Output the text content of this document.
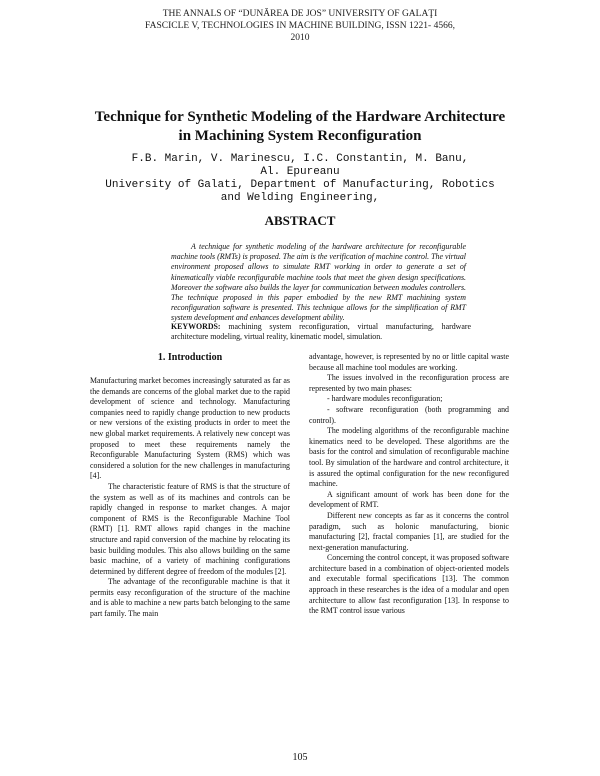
THE ANNALS OF “DUNĂREA DE JOS” UNIVERSITY OF GALAŢI
FASCICLE V, TECHNOLOGIES IN MACHINE BUILDING, ISSN 1221- 4566,
2010
Technique for Synthetic Modeling of the Hardware Architecture
in Machining System Reconfiguration
F.B. Marin, V. Marinescu, I.C. Constantin, M. Banu,
Al. Epureanu
University of Galati, Department of Manufacturing, Robotics
and Welding Engineering,
ABSTRACT
A technique for synthetic modeling of the hardware architecture for reconfigurable machine tools (RMTs) is proposed. The aim is the verification of machine control. The virtual environment proposed allows to simulate RMT working in order to generate a set of kinematically viable reconfigurable machine tools that meet the given design specifications. Moreover the software also builds the layer for communication between modules controllers. The technique proposed in this paper embodied by the new RMT machining system reconfiguration software is presented. This technique allows for the simplification of RMT system development and enhances development ability.
KEYWORDS: machining system reconfiguration, virtual manufacturing, hardware architecture modeling, virtual reality, kinematic model, simulation.
1. Introduction

Manufacturing market becomes increasingly saturated as far as the demands are concerns of the global market due to the rapid development of science and technology. Manufacturing companies need to rapidly change production to new products or new versions of the existing products in order to meet the new global market requirements. A relatively new concept was proposed to meet these requirements namely the Reconfigurable Manufacturing System (RMS) which was considered a solution for the new challenges in manufacturing [4].

The characteristic feature of RMS is that the structure of the system as well as of its machines and controls can be rapidly changed in response to market changes. A major component of RMS is the Reconfigurable Machine Tool (RMT) [1]. RMT allows rapid changes in the machine structure and rapid conversion of the machine by relocating its basic building modules. This also allows building on the same basic machine, of a variety of machining configurations determined by different degree of freedom of the modules [2].

The advantage of the reconfigurable machine is that it permits easy reconfiguration of the structure of the machine and is able to machine a new parts batch belonging to the same part family. The main

advantage, however, is represented by no or little capital waste because all machine tool modules are working.

The issues involved in the reconfiguration process are represented by two main phases:

- hardware modules reconfiguration;

- software reconfiguration (both programming and control).

The modeling algorithms of the reconfigurable machine kinematics need to be developed. These algorithms are the basis for the control and simulation of reconfigurable machine tool. By simulation of the hardware and control architecture, it is assured the optimal configuration for the new reconfigured machine.

A significant amount of work has been done for the development of RMT.

Different new concepts as far as it concerns the control paradigm, such as holonic manufacturing, bionic manufacturing [2], fractal companies [1], are studied for the next-generation manufacturing.

Concerning the control concept, it was proposed software architecture based in a combination of object-oriented models and executable formal specifications [13]. The common approach in these researches is the idea of a modular and open architecture to allow fast reconfiguration [13]. In response to the RMT control issue various

105
